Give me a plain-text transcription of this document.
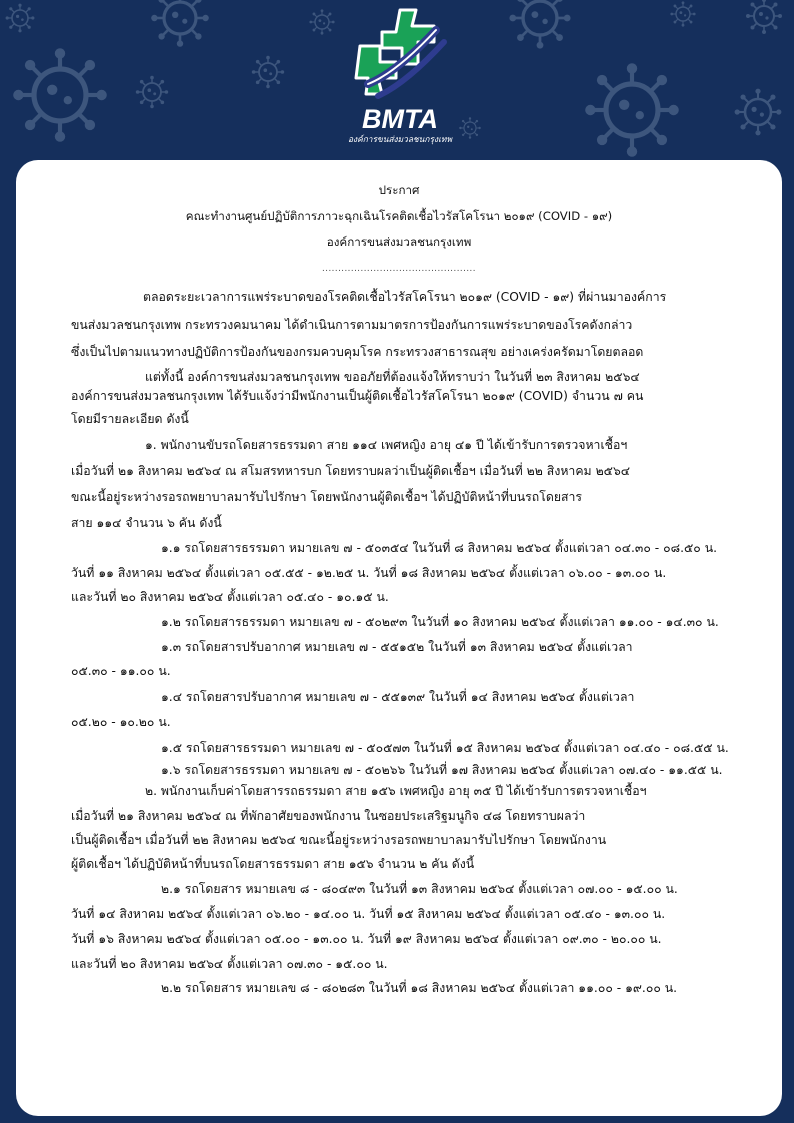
BMTA
องค์การขนส่งมวลชนกรุงเทพ
ประกาศ
คณะทำงานศูนย์ปฏิบัติการภาวะฉุกเฉินโรคติดเชื้อไวรัสโคโรนา ๒๐๑๙ (COVID - ๑๙)
องค์การขนส่งมวลชนกรุงเทพ
................................................
ตลอดระยะเวลาการแพร่ระบาดของโรคติดเชื้อไวรัสโคโรนา ๒๐๑๙ (COVID - ๑๙) ที่ผ่านมาองค์การ
ขนส่งมวลชนกรุงเทพ กระทรวงคมนาคม ได้ดำเนินการตามมาตรการป้องกันการแพร่ระบาดของโรคดังกล่าว
ซึ่งเป็นไปตามแนวทางปฏิบัติการป้องกันของกรมควบคุมโรค กระทรวงสาธารณสุข อย่างเคร่งครัดมาโดยตลอด
แต่ทั้งนี้ องค์การขนส่งมวลชนกรุงเทพ ขออภัยที่ต้องแจ้งให้ทราบว่า ในวันที่ ๒๓ สิงหาคม ๒๕๖๔
องค์การขนส่งมวลชนกรุงเทพ ได้รับแจ้งว่ามีพนักงานเป็นผู้ติดเชื้อไวรัสโคโรนา ๒๐๑๙ (COVID) จำนวน ๗ คน
โดยมีรายละเอียด ดังนี้
๑. พนักงานขับรถโดยสารธรรมดา สาย ๑๑๔ เพศหญิง อายุ ๔๑ ปี ได้เข้ารับการตรวจหาเชื้อฯ
เมื่อวันที่ ๒๑ สิงหาคม ๒๕๖๔ ณ สโมสรทหารบก โดยทราบผลว่าเป็นผู้ติดเชื้อฯ เมื่อวันที่ ๒๒ สิงหาคม ๒๕๖๔
ขณะนี้อยู่ระหว่างรอรถพยาบาลมารับไปรักษา โดยพนักงานผู้ติดเชื้อฯ ได้ปฏิบัติหน้าที่บนรถโดยสาร
สาย ๑๑๔ จำนวน ๖ คัน ดังนี้
๑.๑ รถโดยสารธรรมดา หมายเลข ๗ - ๕๐๓๕๔ ในวันที่ ๘ สิงหาคม ๒๕๖๔ ตั้งแต่เวลา ๐๔.๓๐ - ๐๘.๕๐ น.
วันที่ ๑๑ สิงหาคม ๒๕๖๔ ตั้งแต่เวลา ๐๕.๕๕ - ๑๒.๒๕ น. วันที่ ๑๘ สิงหาคม ๒๕๖๔ ตั้งแต่เวลา ๐๖.๐๐ - ๑๓.๐๐ น.
และวันที่ ๒๐ สิงหาคม ๒๕๖๔ ตั้งแต่เวลา ๐๕.๔๐ - ๑๐.๑๕ น.
๑.๒ รถโดยสารธรรมดา หมายเลข ๗ - ๕๐๒๙๓ ในวันที่ ๑๐ สิงหาคม ๒๕๖๔ ตั้งแต่เวลา ๑๑.๐๐ - ๑๔.๓๐ น.
๑.๓ รถโดยสารปรับอากาศ หมายเลข ๗ - ๕๕๑๕๒ ในวันที่ ๑๓ สิงหาคม ๒๕๖๔ ตั้งแต่เวลา
๐๕.๓๐ - ๑๑.๐๐ น.
๑.๔ รถโดยสารปรับอากาศ หมายเลข ๗ - ๕๕๑๓๙ ในวันที่ ๑๔ สิงหาคม ๒๕๖๔ ตั้งแต่เวลา
๐๕.๒๐ - ๑๐.๒๐ น.
๑.๕ รถโดยสารธรรมดา หมายเลข ๗ - ๕๐๕๗๓ ในวันที่ ๑๕ สิงหาคม ๒๕๖๔ ตั้งแต่เวลา ๐๔.๔๐ - ๐๘.๕๕ น.
๑.๖ รถโดยสารธรรมดา หมายเลข ๗ - ๕๐๒๖๖ ในวันที่ ๑๗ สิงหาคม ๒๕๖๔ ตั้งแต่เวลา ๐๗.๔๐ - ๑๑.๕๕ น.
๒. พนักงานเก็บค่าโดยสารรถธรรมดา สาย ๑๕๖ เพศหญิง อายุ ๓๕ ปี ได้เข้ารับการตรวจหาเชื้อฯ
เมื่อวันที่ ๒๑ สิงหาคม ๒๕๖๔ ณ ที่พักอาศัยของพนักงาน ในซอยประเสริฐมนูกิจ ๔๘ โดยทราบผลว่า
เป็นผู้ติดเชื้อฯ เมื่อวันที่ ๒๒ สิงหาคม ๒๕๖๔ ขณะนี้อยู่ระหว่างรอรถพยาบาลมารับไปรักษา โดยพนักงาน
ผู้ติดเชื้อฯ ได้ปฏิบัติหน้าที่บนรถโดยสารธรรมดา สาย ๑๕๖ จำนวน ๒ คัน ดังนี้
๒.๑ รถโดยสาร หมายเลข ๘ - ๘๐๔๙๓ ในวันที่ ๑๓ สิงหาคม ๒๕๖๔ ตั้งแต่เวลา ๐๗.๐๐ - ๑๕.๐๐ น.
วันที่ ๑๔ สิงหาคม ๒๕๖๔ ตั้งแต่เวลา ๐๖.๒๐ - ๑๔.๐๐ น. วันที่ ๑๕ สิงหาคม ๒๕๖๔ ตั้งแต่เวลา ๐๕.๔๐ - ๑๓.๐๐ น.
วันที่ ๑๖ สิงหาคม ๒๕๖๔ ตั้งแต่เวลา ๐๕.๐๐ - ๑๓.๐๐ น. วันที่ ๑๙ สิงหาคม ๒๕๖๔ ตั้งแต่เวลา ๐๙.๓๐ - ๒๐.๐๐ น.
และวันที่ ๒๐ สิงหาคม ๒๕๖๔ ตั้งแต่เวลา ๐๗.๓๐ - ๑๕.๐๐ น.
๒.๒ รถโดยสาร หมายเลข ๘ - ๘๐๒๘๓ ในวันที่ ๑๘ สิงหาคม ๒๕๖๔ ตั้งแต่เวลา ๑๑.๐๐ - ๑๙.๐๐ น.
